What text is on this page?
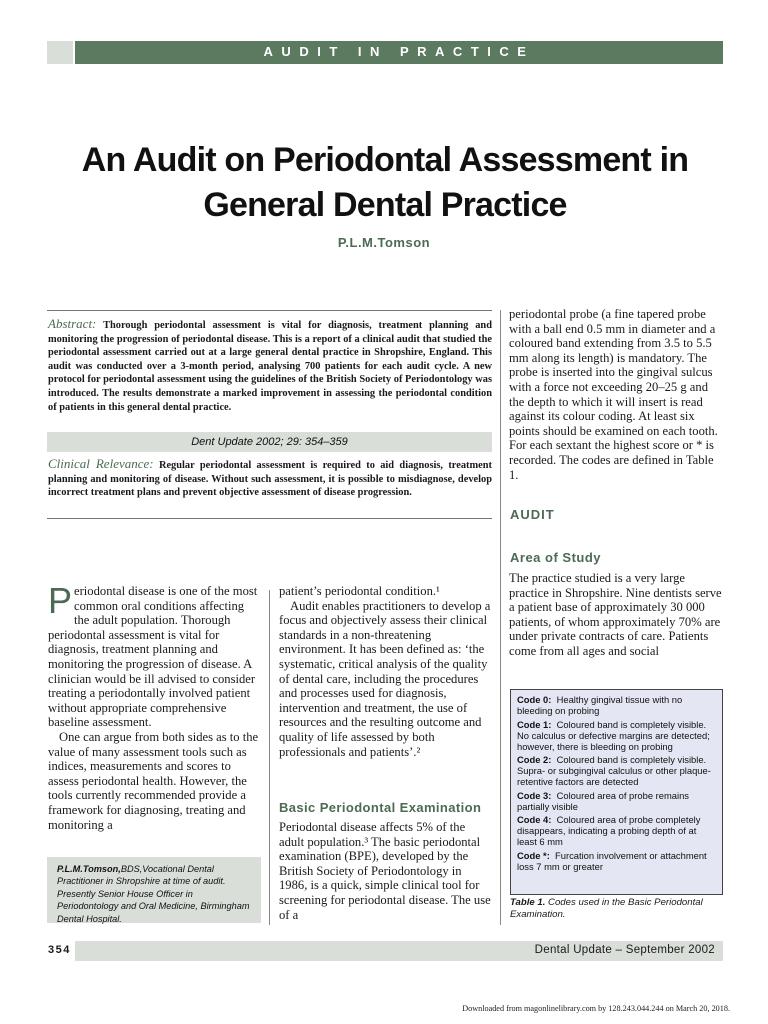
AUDIT IN PRACTICE
An Audit on Periodontal Assessment in General Dental Practice
P.L.M.Tomson
Abstract: Thorough periodontal assessment is vital for diagnosis, treatment planning and monitoring the progression of periodontal disease. This is a report of a clinical audit that studied the periodontal assessment carried out at a large general dental practice in Shropshire, England. This audit was conducted over a 3-month period, analysing 700 patients for each audit cycle. A new protocol for periodontal assessment using the guidelines of the British Society of Periodontology was introduced. The results demonstrate a marked improvement in assessing the periodontal condition of patients in this general dental practice.
Dent Update 2002; 29: 354–359
Clinical Relevance: Regular periodontal assessment is required to aid diagnosis, treatment planning and monitoring of disease. Without such assessment, it is possible to misdiagnose, develop incorrect treatment plans and prevent objective assessment of disease progression.

Periodontal disease is one of the most common oral conditions affecting the adult population. Thorough periodontal assessment is vital for diagnosis, treatment planning and monitoring the progression of disease. A clinician would be ill advised to consider treating a periodontally involved patient without appropriate comprehensive baseline assessment.

One can argue from both sides as to the value of many assessment tools such as indices, measurements and scores to assess periodontal health. However, the tools currently recommended provide a framework for diagnosing, treating and monitoring a

patient’s periodontal condition.¹

Audit enables practitioners to develop a focus and objectively assess their clinical standards in a non-threatening environment. It has been defined as: ‘the systematic, critical analysis of the quality of dental care, including the procedures and processes used for diagnosis, intervention and treatment, the use of resources and the resulting outcome and quality of life assessed by both professionals and patients’.²

Basic Periodontal Examination

Periodontal disease affects 5% of the adult population.³ The basic periodontal examination (BPE), developed by the British Society of Periodontology in 1986, is a quick, simple clinical tool for screening for periodontal disease. The use of a

periodontal probe (a fine tapered probe with a ball end 0.5 mm in diameter and a coloured band extending from 3.5 to 5.5 mm along its length) is mandatory. The probe is inserted into the gingival sulcus with a force not exceeding 20–25 g and the depth to which it will insert is read against its colour coding. At least six points should be examined on each tooth. For each sextant the highest score or * is recorded. The codes are defined in Table 1.

AUDIT
Area of Study

The practice studied is a very large practice in Shropshire. Nine dentists serve a patient base of approximately 30 000 patients, of whom approximately 70% are under private contracts of care. Patients come from all ages and social

Code 0: Healthy gingival tissue with no bleeding on probing
Code 1: Coloured band is completely visible. No calculus or defective margins are detected; however, there is bleeding on probing
Code 2: Coloured band is completely visible. Supra- or subgingival calculus or other plaque-retentive factors are detected
Code 3: Coloured area of probe remains partially visible
Code 4: Coloured area of probe completely disappears, indicating a probing depth of at least 6 mm
Code *: Furcation involvement or attachment loss 7 mm or greater
Table 1. Codes used in the Basic Periodontal Examination.
P.L.M.Tomson,BDS,Vocational Dental Practitioner in Shropshire at time of audit. Presently Senior House Officer in Periodontology and Oral Medicine, Birmingham Dental Hospital.
354	Dental Update – September 2002
Downloaded from magonlinelibrary.com by 128.243.044.244 on March 20, 2018.
